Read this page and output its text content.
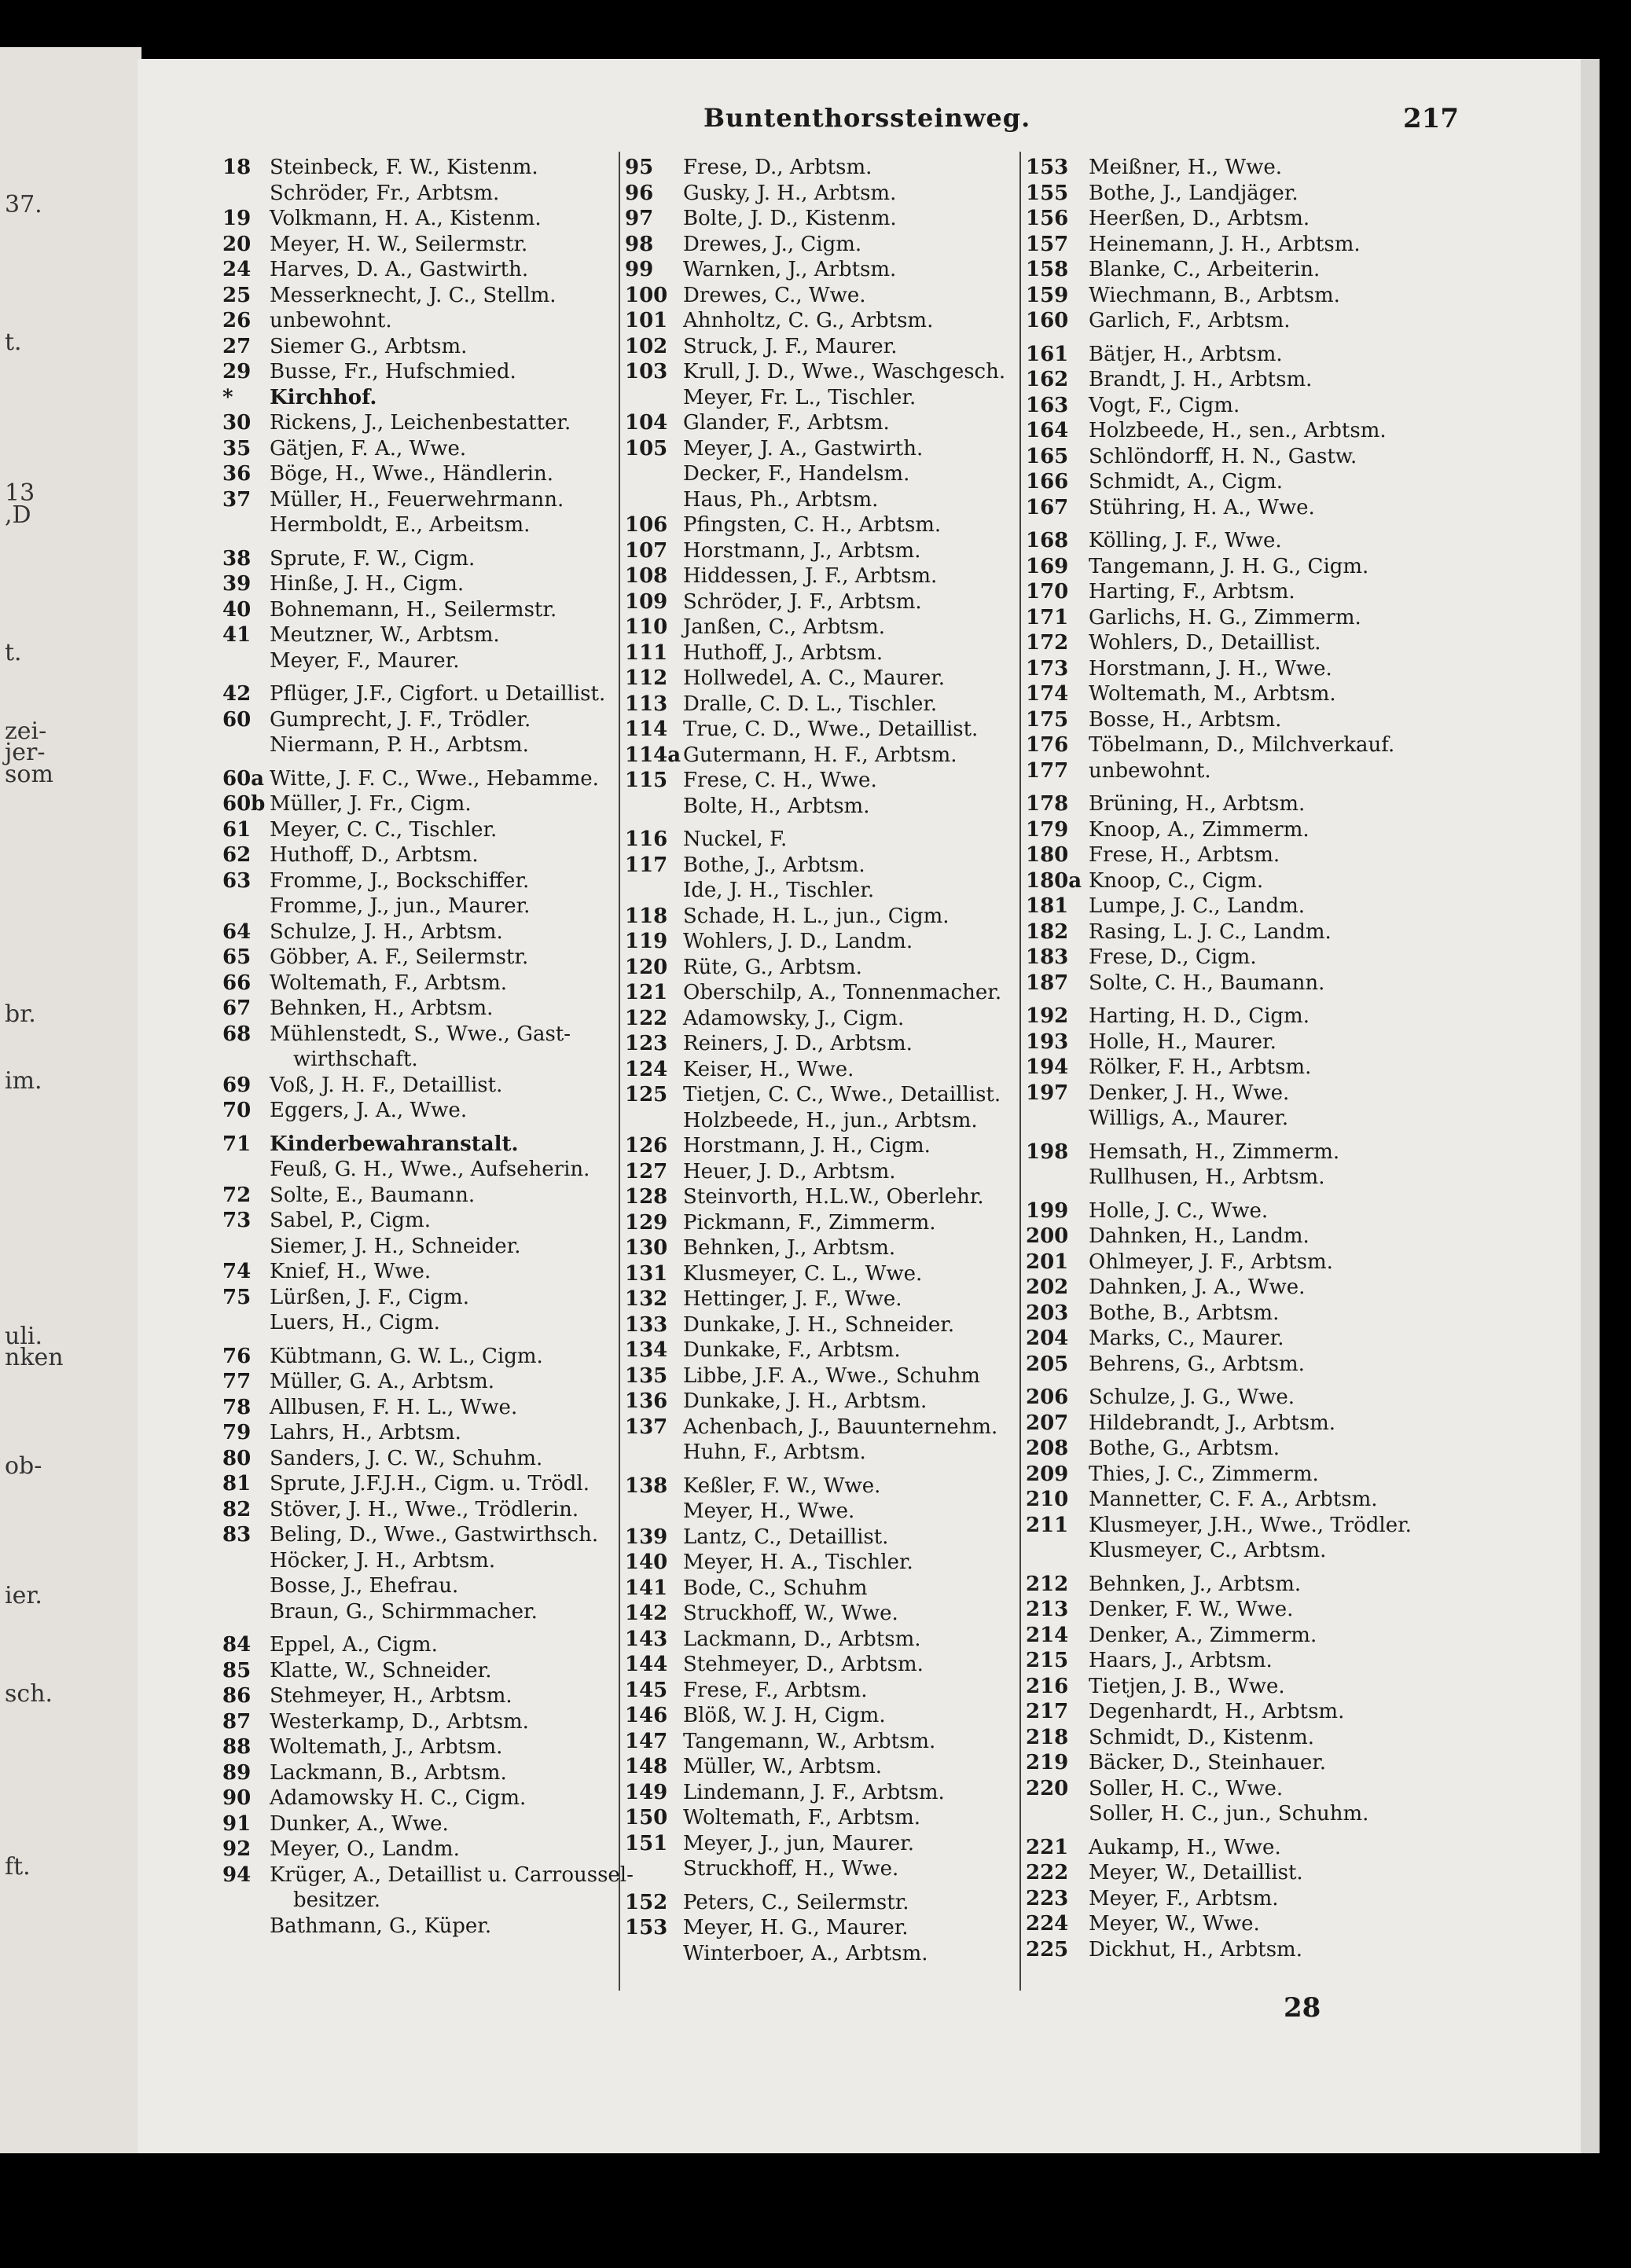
37.
t.
13
,D
t.
zei-
jer-
som
br.
im.
uli.
nken
ob-
ier.
sch.
ft.
Buntenthorssteinweg.	217
18 Steinbeck, F. W., Kistenm.
Schröder, Fr., Arbtsm.
19 Volkmann, H. A., Kistenm.
20 Meyer, H. W., Seilermstr.
24 Harves, D. A., Gastwirth.
25 Messerknecht, J. C., Stellm.
26 unbewohnt.
27 Siemer G., Arbtsm.
29 Busse, Fr., Hufschmied.
*	Kirchhof.
30 Rickens, J., Leichenbestatter.
35 Gätjen, F. A., Wwe.
36 Böge, H., Wwe., Händlerin.
37 Müller, H., Feuerwehrmann.
Hermboldt, E., Arbeitsm.
38 Sprute, F. W., Cigm.
39 Hinße, J. H., Cigm.
40 Bohnemann, H., Seilermstr.
41 Meutzner, W., Arbtsm.
Meyer, F., Maurer.
42 Pflüger, J.F., Cigfort. u Detaillist.
60 Gumprecht, J. F., Trödler.
Niermann, P. H., Arbtsm.
60a Witte, J. F. C., Wwe., Hebamme.
60b Müller, J. Fr., Cigm.
61 Meyer, C. C., Tischler.
62 Huthoff, D., Arbtsm.
63 Fromme, J., Bockschiffer.
Fromme, J., jun., Maurer.
64 Schulze, J. H., Arbtsm.
65 Göbber, A. F., Seilermstr.
66 Woltemath, F., Arbtsm.
67 Behnken, H., Arbtsm.
68 Mühlenstedt, S., Wwe., Gast-
wirthschaft.
69 Voß, J. H. F., Detaillist.
70 Eggers, J. A., Wwe.
71 Kinderbewahranstalt.
Feuß, G. H., Wwe., Aufseherin.
72 Solte, E., Baumann.
73 Sabel, P., Cigm.
Siemer, J. H., Schneider.
74 Knief, H., Wwe.
75 Lürßen, J. F., Cigm.
Luers, H., Cigm.
76 Kübtmann, G. W. L., Cigm.
77 Müller, G. A., Arbtsm.
78 Allbusen, F. H. L., Wwe.
79 Lahrs, H., Arbtsm.
80 Sanders, J. C. W., Schuhm.
81 Sprute, J.F.J.H., Cigm. u. Trödl.
82 Stöver, J. H., Wwe., Trödlerin.
83 Beling, D., Wwe., Gastwirthsch.
Höcker, J. H., Arbtsm.
Bosse, J., Ehefrau.
Braun, G., Schirmmacher.
84 Eppel, A., Cigm.
85 Klatte, W., Schneider.
86 Stehmeyer, H., Arbtsm.
87 Westerkamp, D., Arbtsm.
88 Woltemath, J., Arbtsm.
89 Lackmann, B., Arbtsm.
90 Adamowsky H. C., Cigm.
91 Dunker, A., Wwe.
92 Meyer, O., Landm.
94 Krüger, A., Detaillist u. Carroussel-
besitzer.
Bathmann, G., Küper.
95	Frese, D., Arbtsm.
96	Gusky, J. H., Arbtsm.
97	Bolte, J. D., Kistenm.
98	Drewes, J., Cigm.
99	Warnken, J., Arbtsm.
100 Drewes, C., Wwe.
101 Ahnholtz, C. G., Arbtsm.
102 Struck, J. F., Maurer.
103 Krull, J. D., Wwe., Waschgesch.
Meyer, Fr. L., Tischler.
104 Glander, F., Arbtsm.
105 Meyer, J. A., Gastwirth.
Decker, F., Handelsm.
Haus, Ph., Arbtsm.
106 Pfingsten, C. H., Arbtsm.
107 Horstmann, J., Arbtsm.
108 Hiddessen, J. F., Arbtsm.
109 Schröder, J. F., Arbtsm.
110 Janßen, C., Arbtsm.
111 Huthoff, J., Arbtsm.
112 Hollwedel, A. C., Maurer.
113 Dralle, C. D. L., Tischler.
114 True, C. D., Wwe., Detaillist.
114a Gutermann, H. F., Arbtsm.
115 Frese, C. H., Wwe.
Bolte, H., Arbtsm.
116 Nuckel, F.
117 Bothe, J., Arbtsm.
Ide, J. H., Tischler.
118 Schade, H. L., jun., Cigm.
119 Wohlers, J. D., Landm.
120 Rüte, G., Arbtsm.
121 Oberschilp, A., Tonnenmacher.
122 Adamowsky, J., Cigm.
123 Reiners, J. D., Arbtsm.
124 Keiser, H., Wwe.
125 Tietjen, C. C., Wwe., Detaillist.
Holzbeede, H., jun., Arbtsm.
126 Horstmann, J. H., Cigm.
127 Heuer, J. D., Arbtsm.
128 Steinvorth, H.L.W., Oberlehr.
129 Pickmann, F., Zimmerm.
130 Behnken, J., Arbtsm.
131 Klusmeyer, C. L., Wwe.
132 Hettinger, J. F., Wwe.
133 Dunkake, J. H., Schneider.
134 Dunkake, F., Arbtsm.
135 Libbe, J.F. A., Wwe., Schuhm
136 Dunkake, J. H., Arbtsm.
137 Achenbach, J., Bauunternehm.
Huhn, F., Arbtsm.
138 Keßler, F. W., Wwe.
Meyer, H., Wwe.
139 Lantz, C., Detaillist.
140 Meyer, H. A., Tischler.
141 Bode, C., Schuhm
142 Struckhoff, W., Wwe.
143 Lackmann, D., Arbtsm.
144 Stehmeyer, D., Arbtsm.
145 Frese, F., Arbtsm.
146 Blöß, W. J. H, Cigm.
147 Tangemann, W., Arbtsm.
148 Müller, W., Arbtsm.
149 Lindemann, J. F., Arbtsm.
150 Woltemath, F., Arbtsm.
151 Meyer, J., jun, Maurer.
Struckhoff, H., Wwe.
152 Peters, C., Seilermstr.
153 Meyer, H. G., Maurer.
Winterboer, A., Arbtsm.
153 Meißner, H., Wwe.
155 Bothe, J., Landjäger.
156 Heerßen, D., Arbtsm.
157 Heinemann, J. H., Arbtsm.
158 Blanke, C., Arbeiterin.
159 Wiechmann, B., Arbtsm.
160 Garlich, F., Arbtsm.
161 Bätjer, H., Arbtsm.
162 Brandt, J. H., Arbtsm.
163 Vogt, F., Cigm.
164 Holzbeede, H., sen., Arbtsm.
165 Schlöndorff, H. N., Gastw.
166 Schmidt, A., Cigm.
167 Stühring, H. A., Wwe.
168 Kölling, J. F., Wwe.
169 Tangemann, J. H. G., Cigm.
170 Harting, F., Arbtsm.
171 Garlichs, H. G., Zimmerm.
172 Wohlers, D., Detaillist.
173 Horstmann, J. H., Wwe.
174 Woltemath, M., Arbtsm.
175 Bosse, H., Arbtsm.
176 Töbelmann, D., Milchverkauf.
177 unbewohnt.
178 Brüning, H., Arbtsm.
179 Knoop, A., Zimmerm.
180 Frese, H., Arbtsm.
180a Knoop, C., Cigm.
181 Lumpe, J. C., Landm.
182 Rasing, L. J. C., Landm.
183 Frese, D., Cigm.
187 Solte, C. H., Baumann.
192 Harting, H. D., Cigm.
193 Holle, H., Maurer.
194 Rölker, F. H., Arbtsm.
197 Denker, J. H., Wwe.
Willigs, A., Maurer.
198 Hemsath, H., Zimmerm.
Rullhusen, H., Arbtsm.
199 Holle, J. C., Wwe.
200 Dahnken, H., Landm.
201 Ohlmeyer, J. F., Arbtsm.
202 Dahnken, J. A., Wwe.
203 Bothe, B., Arbtsm.
204 Marks, C., Maurer.
205 Behrens, G., Arbtsm.
206 Schulze, J. G., Wwe.
207 Hildebrandt, J., Arbtsm.
208 Bothe, G., Arbtsm.
209 Thies, J. C., Zimmerm.
210 Mannetter, C. F. A., Arbtsm.
211 Klusmeyer, J.H., Wwe., Trödler.
Klusmeyer, C., Arbtsm.
212 Behnken, J., Arbtsm.
213 Denker, F. W., Wwe.
214 Denker, A., Zimmerm.
215 Haars, J., Arbtsm.
216 Tietjen, J. B., Wwe.
217 Degenhardt, H., Arbtsm.
218 Schmidt, D., Kistenm.
219 Bäcker, D., Steinhauer.
220 Soller, H. C., Wwe.
Soller, H. C., jun., Schuhm.
221 Aukamp, H., Wwe.
222 Meyer, W., Detaillist.
223 Meyer, F., Arbtsm.
224 Meyer, W., Wwe.
225 Dickhut, H., Arbtsm.
28
